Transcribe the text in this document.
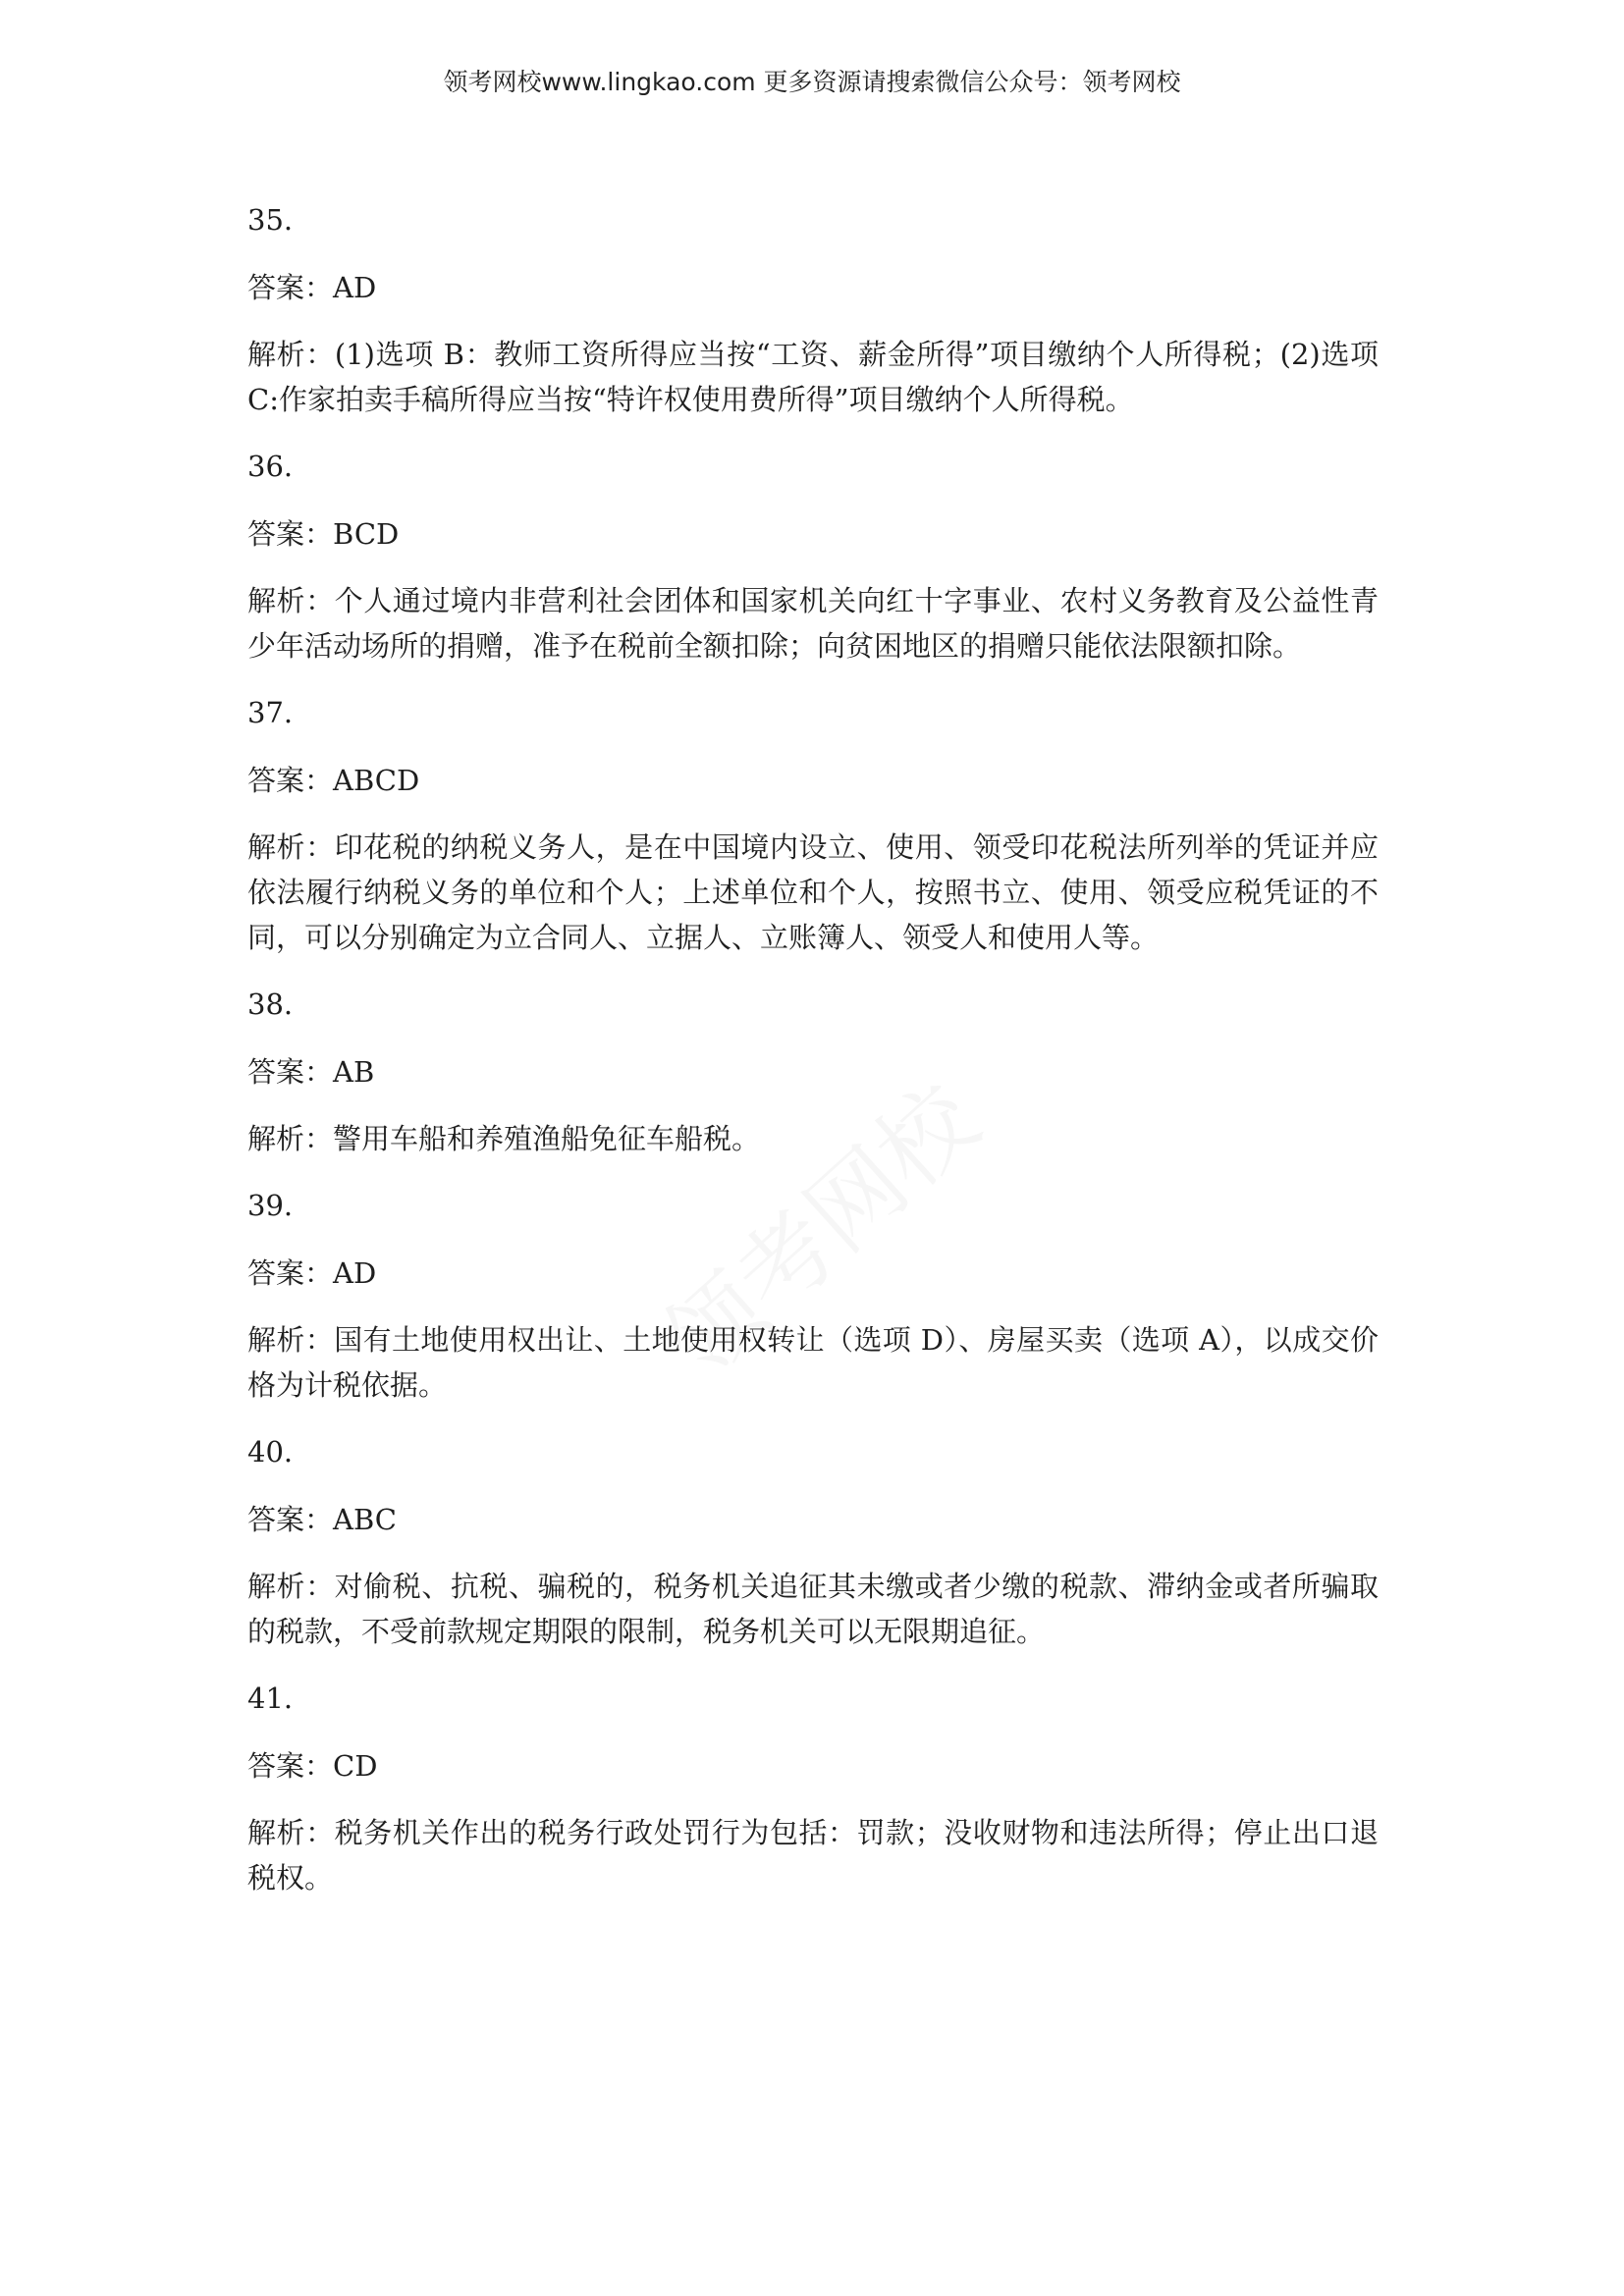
领考网校www.lingkao.com 更多资源请搜索微信公众号：领考网校
35.
答案：AD
解析：(1)选项 B：教师工资所得应当按“工资、薪金所得”项目缴纳个人所得税；(2)选项 C:作家拍卖手稿所得应当按“特许权使用费所得”项目缴纳个人所得税。
36.
答案：BCD
解析：个人通过境内非营利社会团体和国家机关向红十字事业、农村义务教育及公益性青少年活动场所的捐赠，准予在税前全额扣除；向贫困地区的捐赠只能依法限额扣除。
37.
答案：ABCD
解析：印花税的纳税义务人，是在中国境内设立、使用、领受印花税法所列举的凭证并应依法履行纳税义务的单位和个人；上述单位和个人，按照书立、使用、领受应税凭证的不同，可以分别确定为立合同人、立据人、立账簿人、领受人和使用人等。
38.
答案：AB
解析：警用车船和养殖渔船免征车船税。
39.
答案：AD
解析：国有土地使用权出让、土地使用权转让（选项 D）、房屋买卖（选项 A），以成交价格为计税依据。
40.
答案：ABC
解析：对偷税、抗税、骗税的，税务机关追征其未缴或者少缴的税款、滞纳金或者所骗取的税款，不受前款规定期限的限制，税务机关可以无限期追征。
41.
答案：CD
解析：税务机关作出的税务行政处罚行为包括：罚款；没收财物和违法所得；停止出口退税权。
